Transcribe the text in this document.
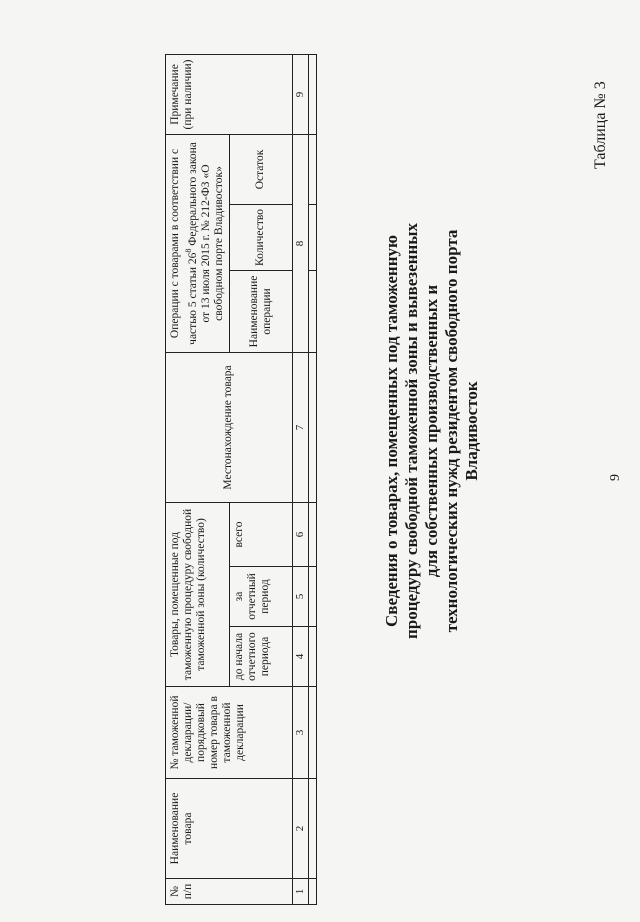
9
Таблица № 3
Сведения о товарах, помещенных под таможенную процедуру свободной таможенной зоны и вывезенных для собственных производственных и технологических нужд резидентом свободного порта Владивосток
№ п/п	Наименование товара	№ таможенной декларации/ порядковый номер товара в таможенной декларации	Товары, помещенные под таможенную процедуру свободной таможенной зоны (количество)			Местонахождение товара	Операции с товарами в соответствии с частью 5 статьи $26^8$ Федерального закона от 13 июля 2015 г. № 212-ФЗ «О свободном порте Владивосток»			Примечание (при наличии)
			до начала отчетного периода	за отчетный период	всего		Наименование операции	Количество	Остаток	
1	2	3	4	5	6	7	8			9
